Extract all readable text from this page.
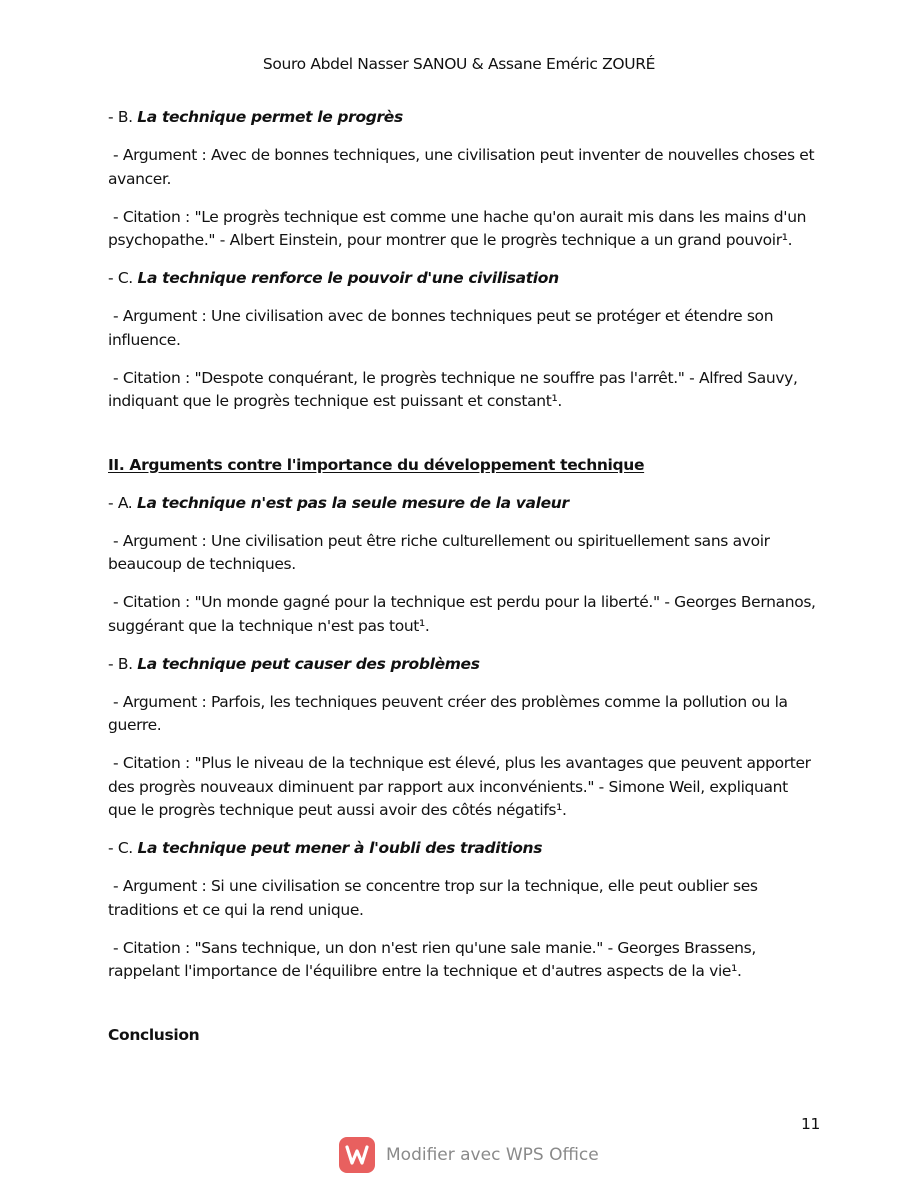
Souro Abdel Nasser SANOU & Assane Eméric ZOURÉ

- B. La technique permet le progrès

- Argument : Avec de bonnes techniques, une civilisation peut inventer de nouvelles choses et avancer.

- Citation : "Le progrès technique est comme une hache qu'on aurait mis dans les mains d'un psychopathe." - Albert Einstein, pour montrer que le progrès technique a un grand pouvoir¹.

- C. La technique renforce le pouvoir d'une civilisation

- Argument : Une civilisation avec de bonnes techniques peut se protéger et étendre son influence.

- Citation : "Despote conquérant, le progrès technique ne souffre pas l'arrêt." - Alfred Sauvy, indiquant que le progrès technique est puissant et constant¹.

II. Arguments contre l'importance du développement technique

- A. La technique n'est pas la seule mesure de la valeur

- Argument : Une civilisation peut être riche culturellement ou spirituellement sans avoir beaucoup de techniques.

- Citation : "Un monde gagné pour la technique est perdu pour la liberté." - Georges Bernanos, suggérant que la technique n'est pas tout¹.

- B. La technique peut causer des problèmes

- Argument : Parfois, les techniques peuvent créer des problèmes comme la pollution ou la guerre.

- Citation : "Plus le niveau de la technique est élevé, plus les avantages que peuvent apporter des progrès nouveaux diminuent par rapport aux inconvénients." - Simone Weil, expliquant que le progrès technique peut aussi avoir des côtés négatifs¹.

- C. La technique peut mener à l'oubli des traditions

- Argument : Si une civilisation se concentre trop sur la technique, elle peut oublier ses traditions et ce qui la rend unique.

- Citation : "Sans technique, un don n'est rien qu'une sale manie." - Georges Brassens, rappelant l'importance de l'équilibre entre la technique et d'autres aspects de la vie¹.

Conclusion

11
Modifier avec WPS Office
